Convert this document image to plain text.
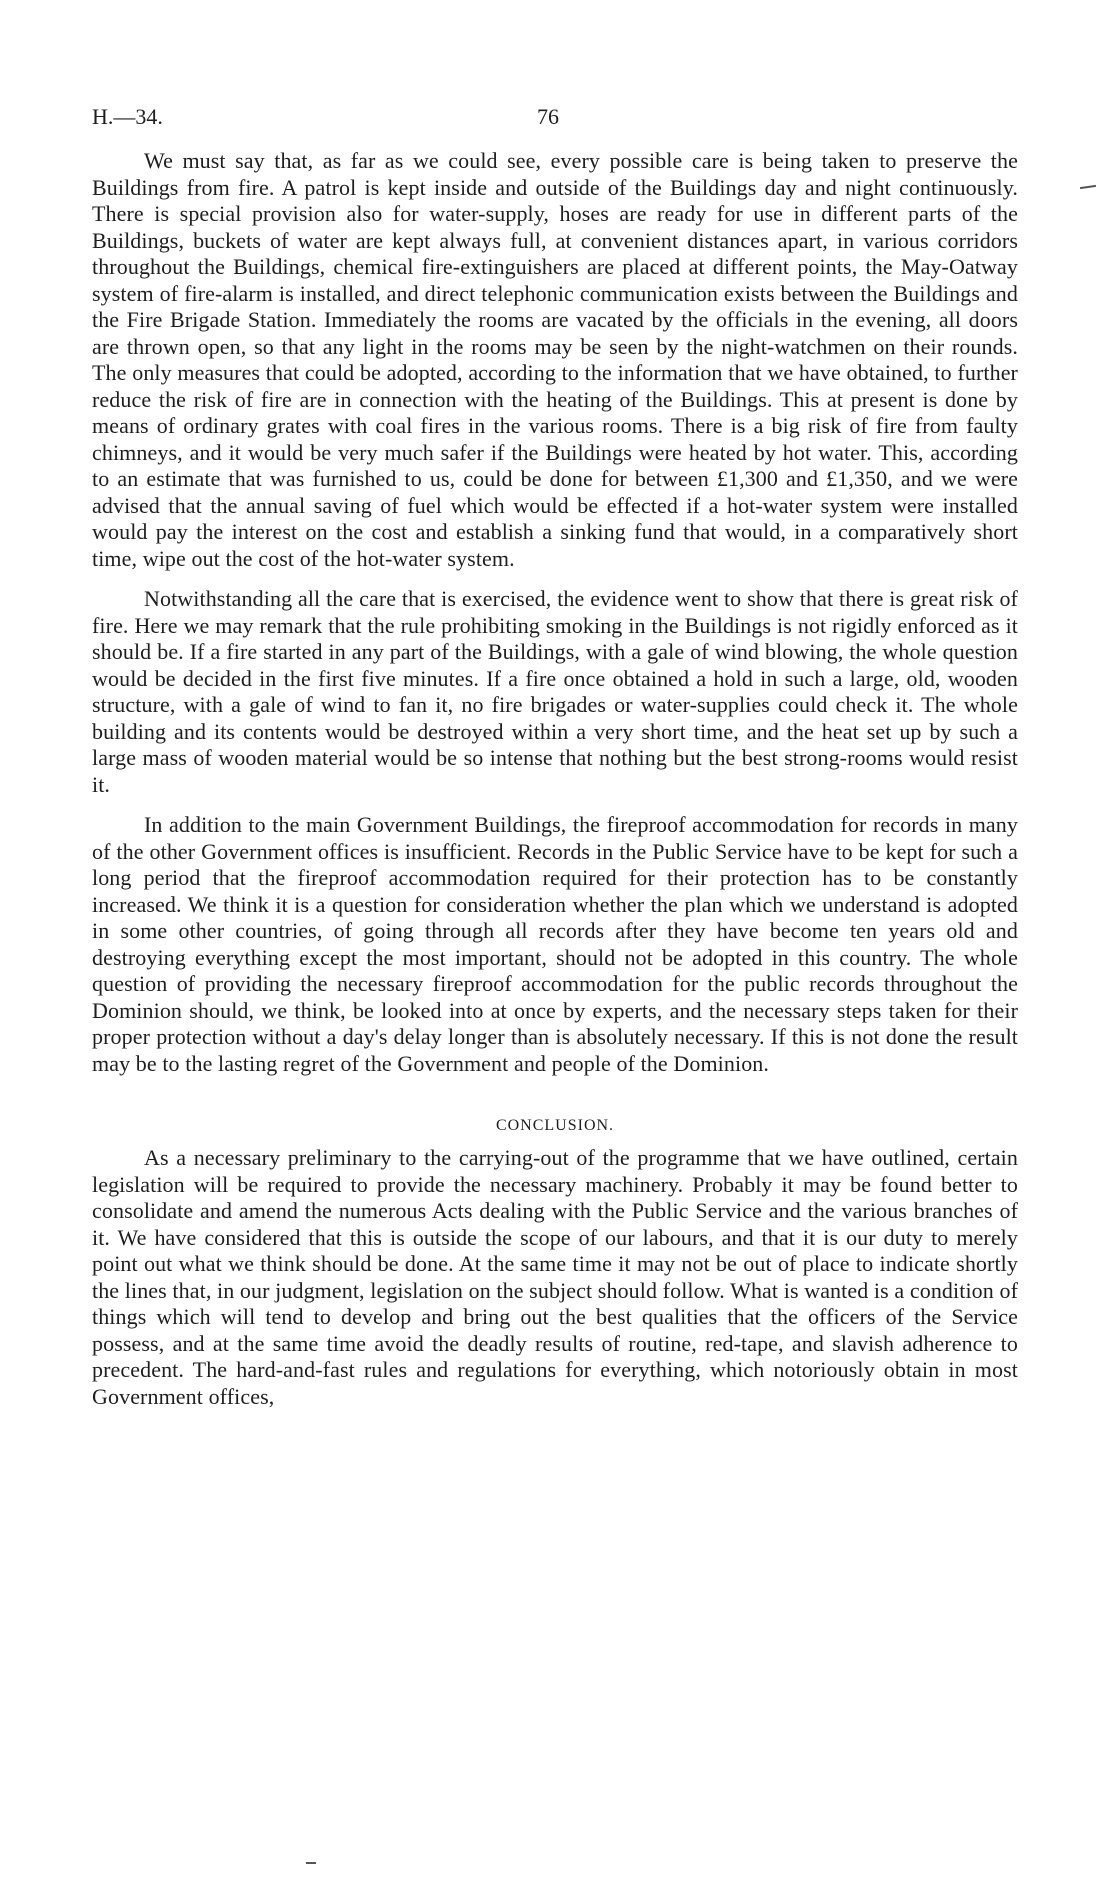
H.—34.	76

We must say that, as far as we could see, every possible care is being taken to preserve the Buildings from fire. A patrol is kept inside and outside of the Buildings day and night continuously. There is special provision also for water-supply, hoses are ready for use in different parts of the Buildings, buckets of water are kept always full, at convenient distances apart, in various corridors throughout the Buildings, chemical fire-extinguishers are placed at different points, the May-Oatway system of fire-alarm is installed, and direct telephonic communication exists between the Buildings and the Fire Brigade Station. Immediately the rooms are vacated by the officials in the evening, all doors are thrown open, so that any light in the rooms may be seen by the night-watchmen on their rounds. The only measures that could be adopted, according to the information that we have obtained, to further reduce the risk of fire are in connection with the heating of the Buildings. This at present is done by means of ordinary grates with coal fires in the various rooms. There is a big risk of fire from faulty chimneys, and it would be very much safer if the Buildings were heated by hot water. This, according to an estimate that was furnished to us, could be done for between £1,300 and £1,350, and we were advised that the annual saving of fuel which would be effected if a hot-water system were installed would pay the interest on the cost and establish a sinking fund that would, in a comparatively short time, wipe out the cost of the hot-water system.

Notwithstanding all the care that is exercised, the evidence went to show that there is great risk of fire. Here we may remark that the rule prohibiting smoking in the Buildings is not rigidly enforced as it should be. If a fire started in any part of the Buildings, with a gale of wind blowing, the whole question would be decided in the first five minutes. If a fire once obtained a hold in such a large, old, wooden structure, with a gale of wind to fan it, no fire brigades or water-supplies could check it. The whole building and its contents would be destroyed within a very short time, and the heat set up by such a large mass of wooden material would be so intense that nothing but the best strong-rooms would resist it.

In addition to the main Government Buildings, the fireproof accommodation for records in many of the other Government offices is insufficient. Records in the Public Service have to be kept for such a long period that the fireproof accommodation required for their protection has to be constantly increased. We think it is a question for consideration whether the plan which we understand is adopted in some other countries, of going through all records after they have become ten years old and destroying everything except the most important, should not be adopted in this country. The whole question of providing the necessary fireproof accommodation for the public records throughout the Dominion should, we think, be looked into at once by experts, and the necessary steps taken for their proper protection without a day's delay longer than is absolutely necessary. If this is not done the result may be to the lasting regret of the Government and people of the Dominion.

CONCLUSION.

As a necessary preliminary to the carrying-out of the programme that we have outlined, certain legislation will be required to provide the necessary machinery. Probably it may be found better to consolidate and amend the numerous Acts dealing with the Public Service and the various branches of it. We have considered that this is outside the scope of our labours, and that it is our duty to merely point out what we think should be done. At the same time it may not be out of place to indicate shortly the lines that, in our judgment, legislation on the subject should follow. What is wanted is a condition of things which will tend to develop and bring out the best qualities that the officers of the Service possess, and at the same time avoid the deadly results of routine, red-tape, and slavish adherence to precedent. The hard-and-fast rules and regulations for everything, which notoriously obtain in most Government offices,
